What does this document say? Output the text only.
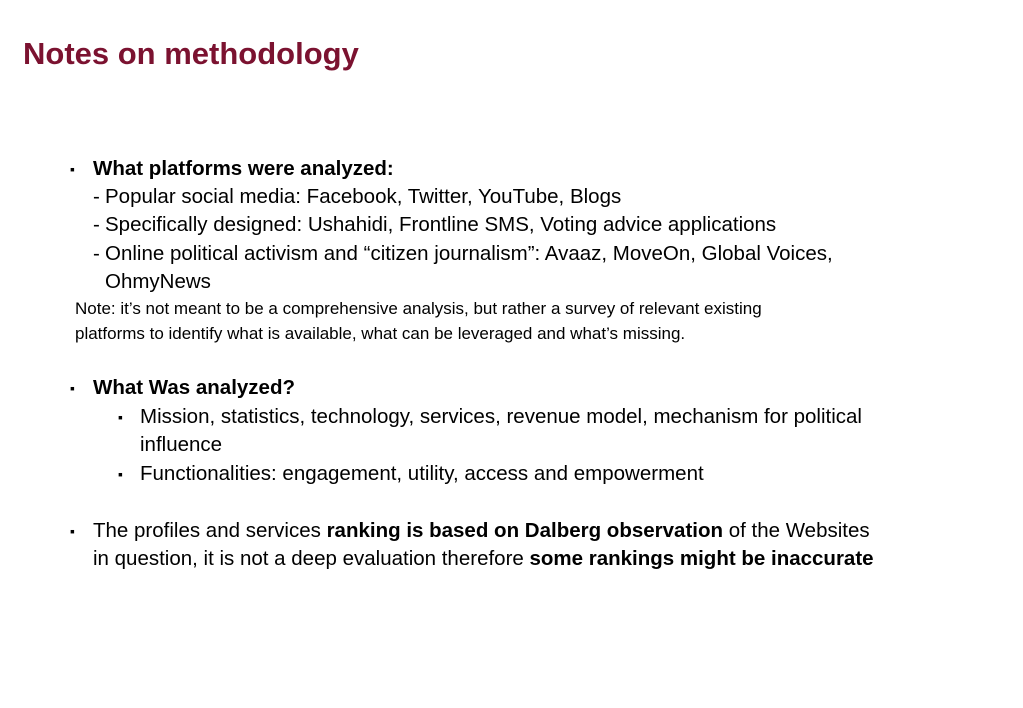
Notes on methodology
▪ What platforms were analyzed:
- Popular social media: Facebook, Twitter, YouTube, Blogs
- Specifically designed: Ushahidi, Frontline SMS, Voting advice applications
- Online political activism and “citizen journalism”: Avaaz, MoveOn, Global Voices,
OhmyNews
Note: it’s not meant to be a comprehensive analysis, but rather a survey of relevant existing
platforms to identify what is available, what can be leveraged and what’s missing.
▪ What Was analyzed?
▪ Mission, statistics, technology, services, revenue model, mechanism for political
influence
▪ Functionalities: engagement, utility, access and empowerment
▪ The profiles and services ranking is based on Dalberg observation of the Websites
in question, it is not a deep evaluation therefore some rankings might be inaccurate
